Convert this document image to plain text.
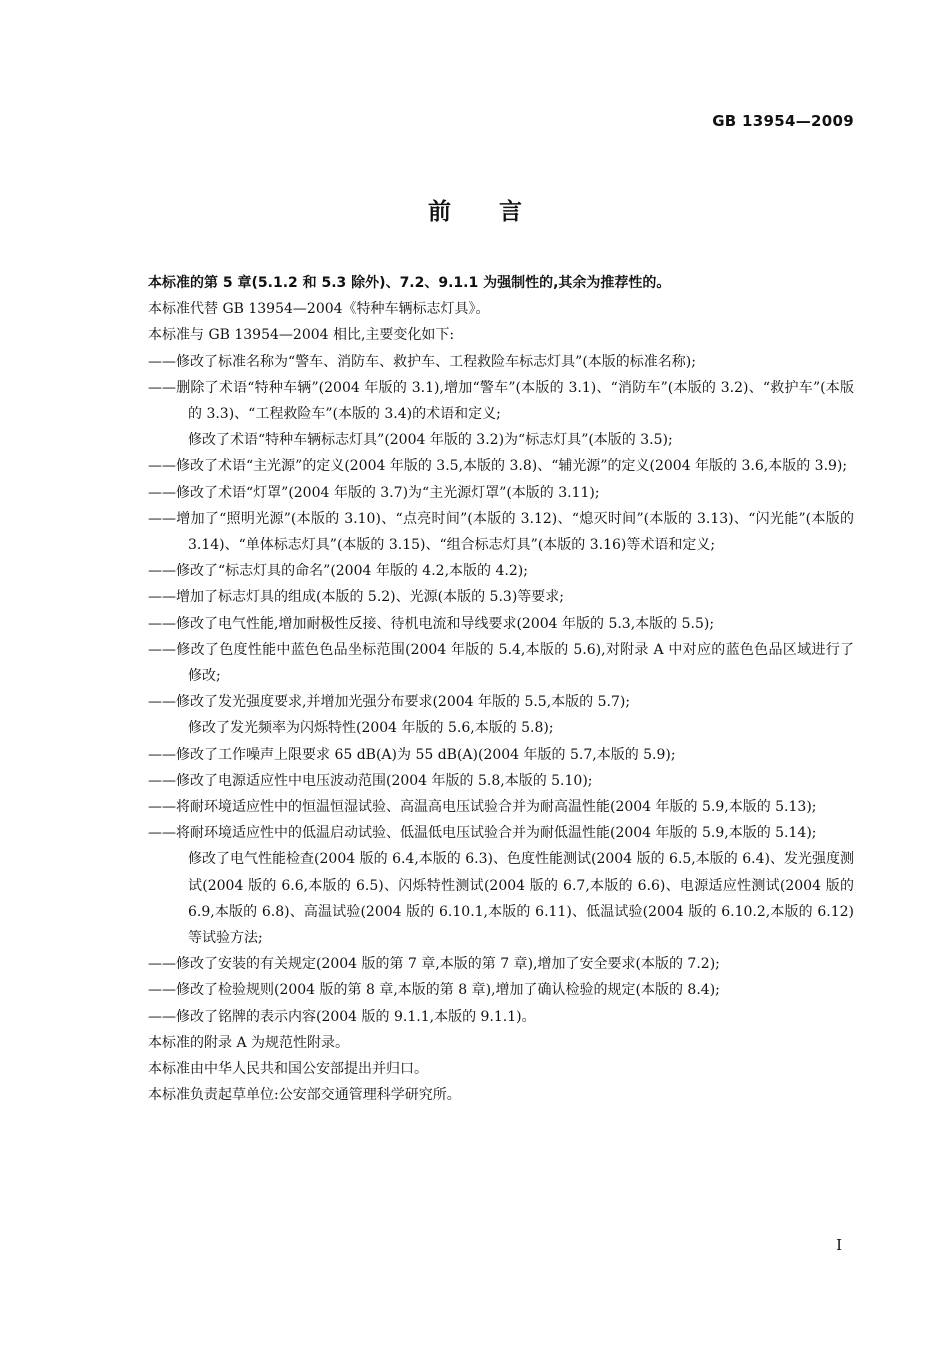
GB 13954—2009
前 言

本标准的第 5 章(5.1.2 和 5.3 除外)、7.2、9.1.1 为强制性的,其余为推荐性的。

本标准代替 GB 13954—2004《特种车辆标志灯具》。

本标准与 GB 13954—2004 相比,主要变化如下:

——修改了标准名称为“警车、消防车、救护车、工程救险车标志灯具”(本版的标准名称);

——删除了术语“特种车辆”(2004 年版的 3.1),增加“警车”(本版的 3.1)、“消防车”(本版的 3.2)、“救护车”(本版的 3.3)、“工程救险车”(本版的 3.4)的术语和定义;

修改了术语“特种车辆标志灯具”(2004 年版的 3.2)为“标志灯具”(本版的 3.5);

——修改了术语“主光源”的定义(2004 年版的 3.5,本版的 3.8)、“辅光源”的定义(2004 年版的 3.6,本版的 3.9);

——修改了术语“灯罩”(2004 年版的 3.7)为“主光源灯罩”(本版的 3.11);

——增加了“照明光源”(本版的 3.10)、“点亮时间”(本版的 3.12)、“熄灭时间”(本版的 3.13)、“闪光能”(本版的 3.14)、“单体标志灯具”(本版的 3.15)、“组合标志灯具”(本版的 3.16)等术语和定义;

——修改了“标志灯具的命名”(2004 年版的 4.2,本版的 4.2);

——增加了标志灯具的组成(本版的 5.2)、光源(本版的 5.3)等要求;

——修改了电气性能,增加耐极性反接、待机电流和导线要求(2004 年版的 5.3,本版的 5.5);

——修改了色度性能中蓝色色品坐标范围(2004 年版的 5.4,本版的 5.6),对附录 A 中对应的蓝色色品区域进行了修改;

——修改了发光强度要求,并增加光强分布要求(2004 年版的 5.5,本版的 5.7);

修改了发光频率为闪烁特性(2004 年版的 5.6,本版的 5.8);

——修改了工作噪声上限要求 65 dB(A)为 55 dB(A)(2004 年版的 5.7,本版的 5.9);

——修改了电源适应性中电压波动范围(2004 年版的 5.8,本版的 5.10);

——将耐环境适应性中的恒温恒湿试验、高温高电压试验合并为耐高温性能(2004 年版的 5.9,本版的 5.13);

——将耐环境适应性中的低温启动试验、低温低电压试验合并为耐低温性能(2004 年版的 5.9,本版的 5.14);

修改了电气性能检查(2004 版的 6.4,本版的 6.3)、色度性能测试(2004 版的 6.5,本版的 6.4)、发光强度测试(2004 版的 6.6,本版的 6.5)、闪烁特性测试(2004 版的 6.7,本版的 6.6)、电源适应性测试(2004 版的 6.9,本版的 6.8)、高温试验(2004 版的 6.10.1,本版的 6.11)、低温试验(2004 版的 6.10.2,本版的 6.12)等试验方法;

——修改了安装的有关规定(2004 版的第 7 章,本版的第 7 章),增加了安全要求(本版的 7.2);

——修改了检验规则(2004 版的第 8 章,本版的第 8 章),增加了确认检验的规定(本版的 8.4);

——修改了铭牌的表示内容(2004 版的 9.1.1,本版的 9.1.1)。

本标准的附录 A 为规范性附录。

本标准由中华人民共和国公安部提出并归口。

本标准负责起草单位:公安部交通管理科学研究所。

I
